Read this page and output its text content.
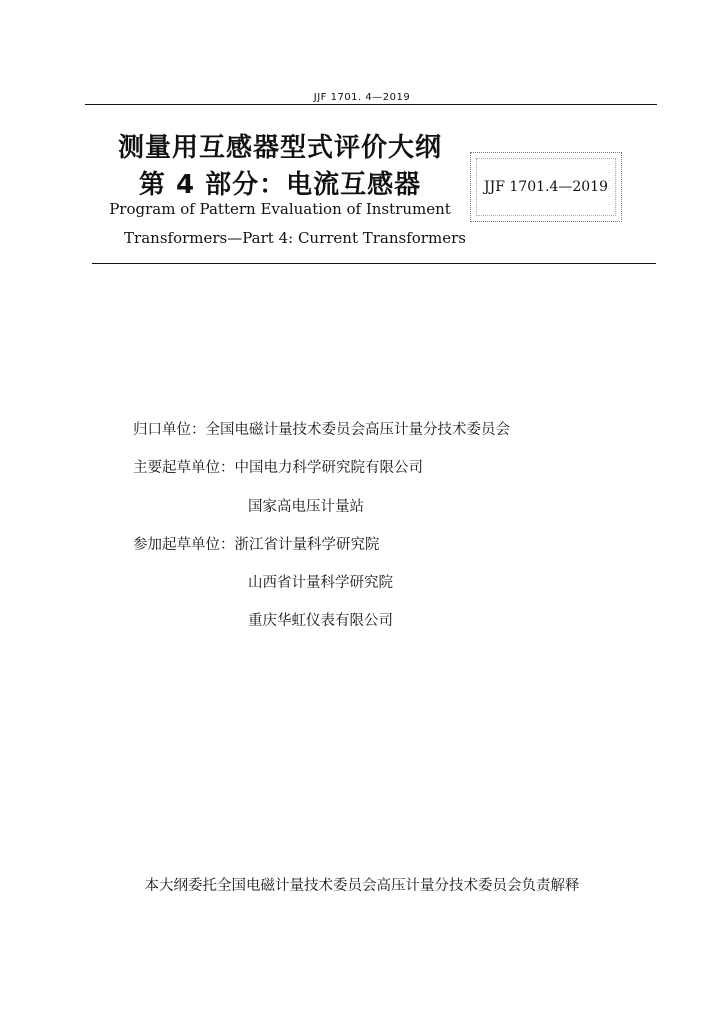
JJF 1701. 4—2019
测量用互感器型式评价大纲
第 4 部分：电流互感器
Program of Pattern Evaluation of Instrument
Transformers—Part 4: Current Transformers
JJF 1701.4—2019
归口单位：全国电磁计量技术委员会高压计量分技术委员会
主要起草单位：中国电力科学研究院有限公司
国家高电压计量站
参加起草单位：浙江省计量科学研究院
山西省计量科学研究院
重庆华虹仪表有限公司
本大纲委托全国电磁计量技术委员会高压计量分技术委员会负责解释
